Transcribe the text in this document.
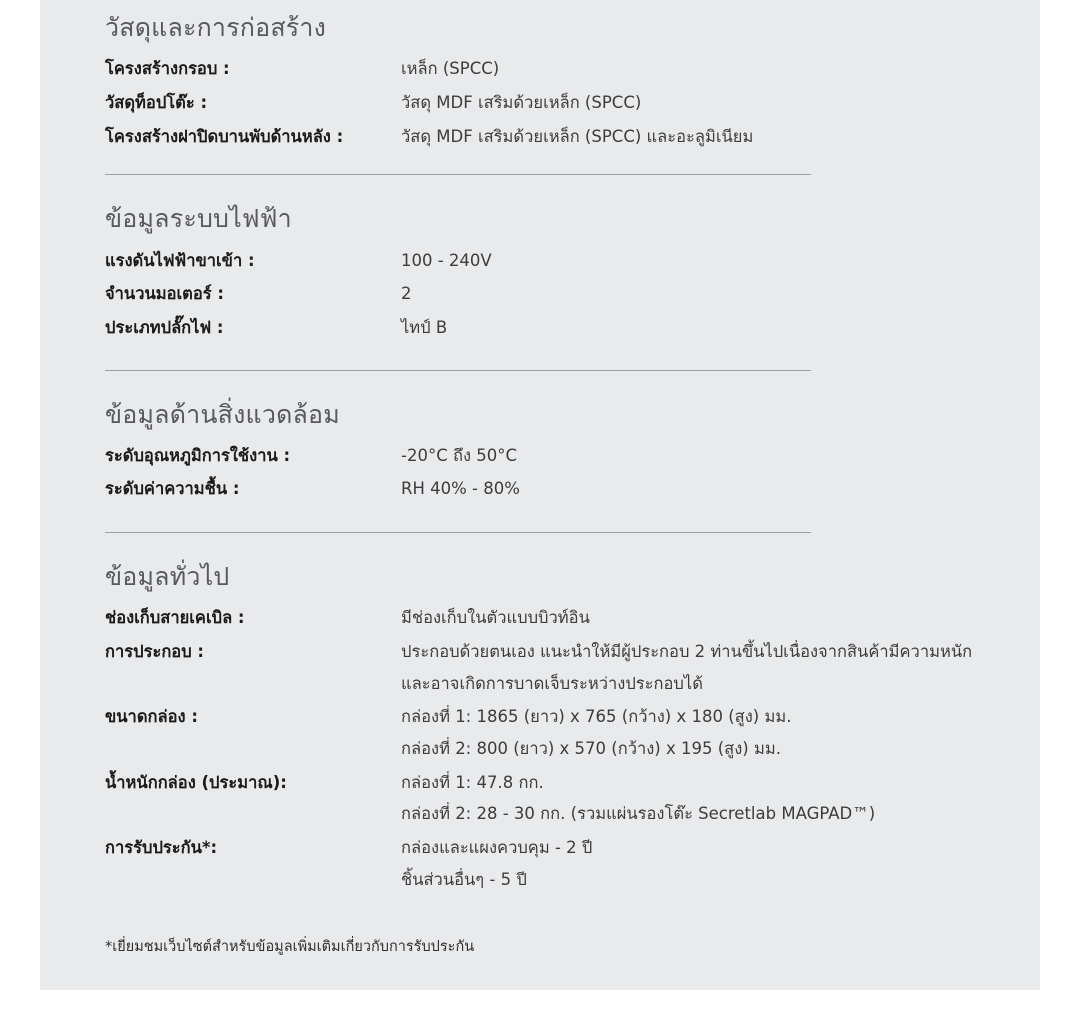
วัสดุและการก่อสร้าง
โครงสร้างกรอบ :	เหล็ก (SPCC)
วัสดุท็อปโต๊ะ :	วัสดุ MDF เสริมด้วยเหล็ก (SPCC)
โครงสร้างฝาปิดบานพับด้านหลัง :	วัสดุ MDF เสริมด้วยเหล็ก (SPCC) และอะลูมิเนียม
ข้อมูลระบบไฟฟ้า
แรงดันไฟฟ้าขาเข้า :	100 - 240V
จำนวนมอเตอร์ :	2
ประเภทปลั๊กไฟ :	ไทป์ B
ข้อมูลด้านสิ่งแวดล้อม
ระดับอุณหภูมิการใช้งาน :	-20°C ถึง 50°C
ระดับค่าความชื้น :	RH 40% - 80%
ข้อมูลทั่วไป
ช่องเก็บสายเคเบิล :	มีช่องเก็บในตัวแบบบิวท์อิน
การประกอบ :	ประกอบด้วยตนเอง แนะนำให้มีผู้ประกอบ 2 ท่านขึ้นไปเนื่องจากสินค้ามีความหนัก
และอาจเกิดการบาดเจ็บระหว่างประกอบได้
ขนาดกล่อง :	กล่องที่ 1: 1865 (ยาว) x 765 (กว้าง) x 180 (สูง) มม.
กล่องที่ 2: 800 (ยาว) x 570 (กว้าง) x 195 (สูง) มม.
น้ำหนักกล่อง (ประมาณ):	กล่องที่ 1: 47.8 กก.
กล่องที่ 2: 28 - 30 กก. (รวมแผ่นรองโต๊ะ Secretlab MAGPAD™)
การรับประกัน*:	กล่องและแผงควบคุม - 2 ปี
ชิ้นส่วนอื่นๆ - 5 ปี
*เยี่ยมชมเว็บไซต์สำหรับข้อมูลเพิ่มเติมเกี่ยวกับการรับประกัน
